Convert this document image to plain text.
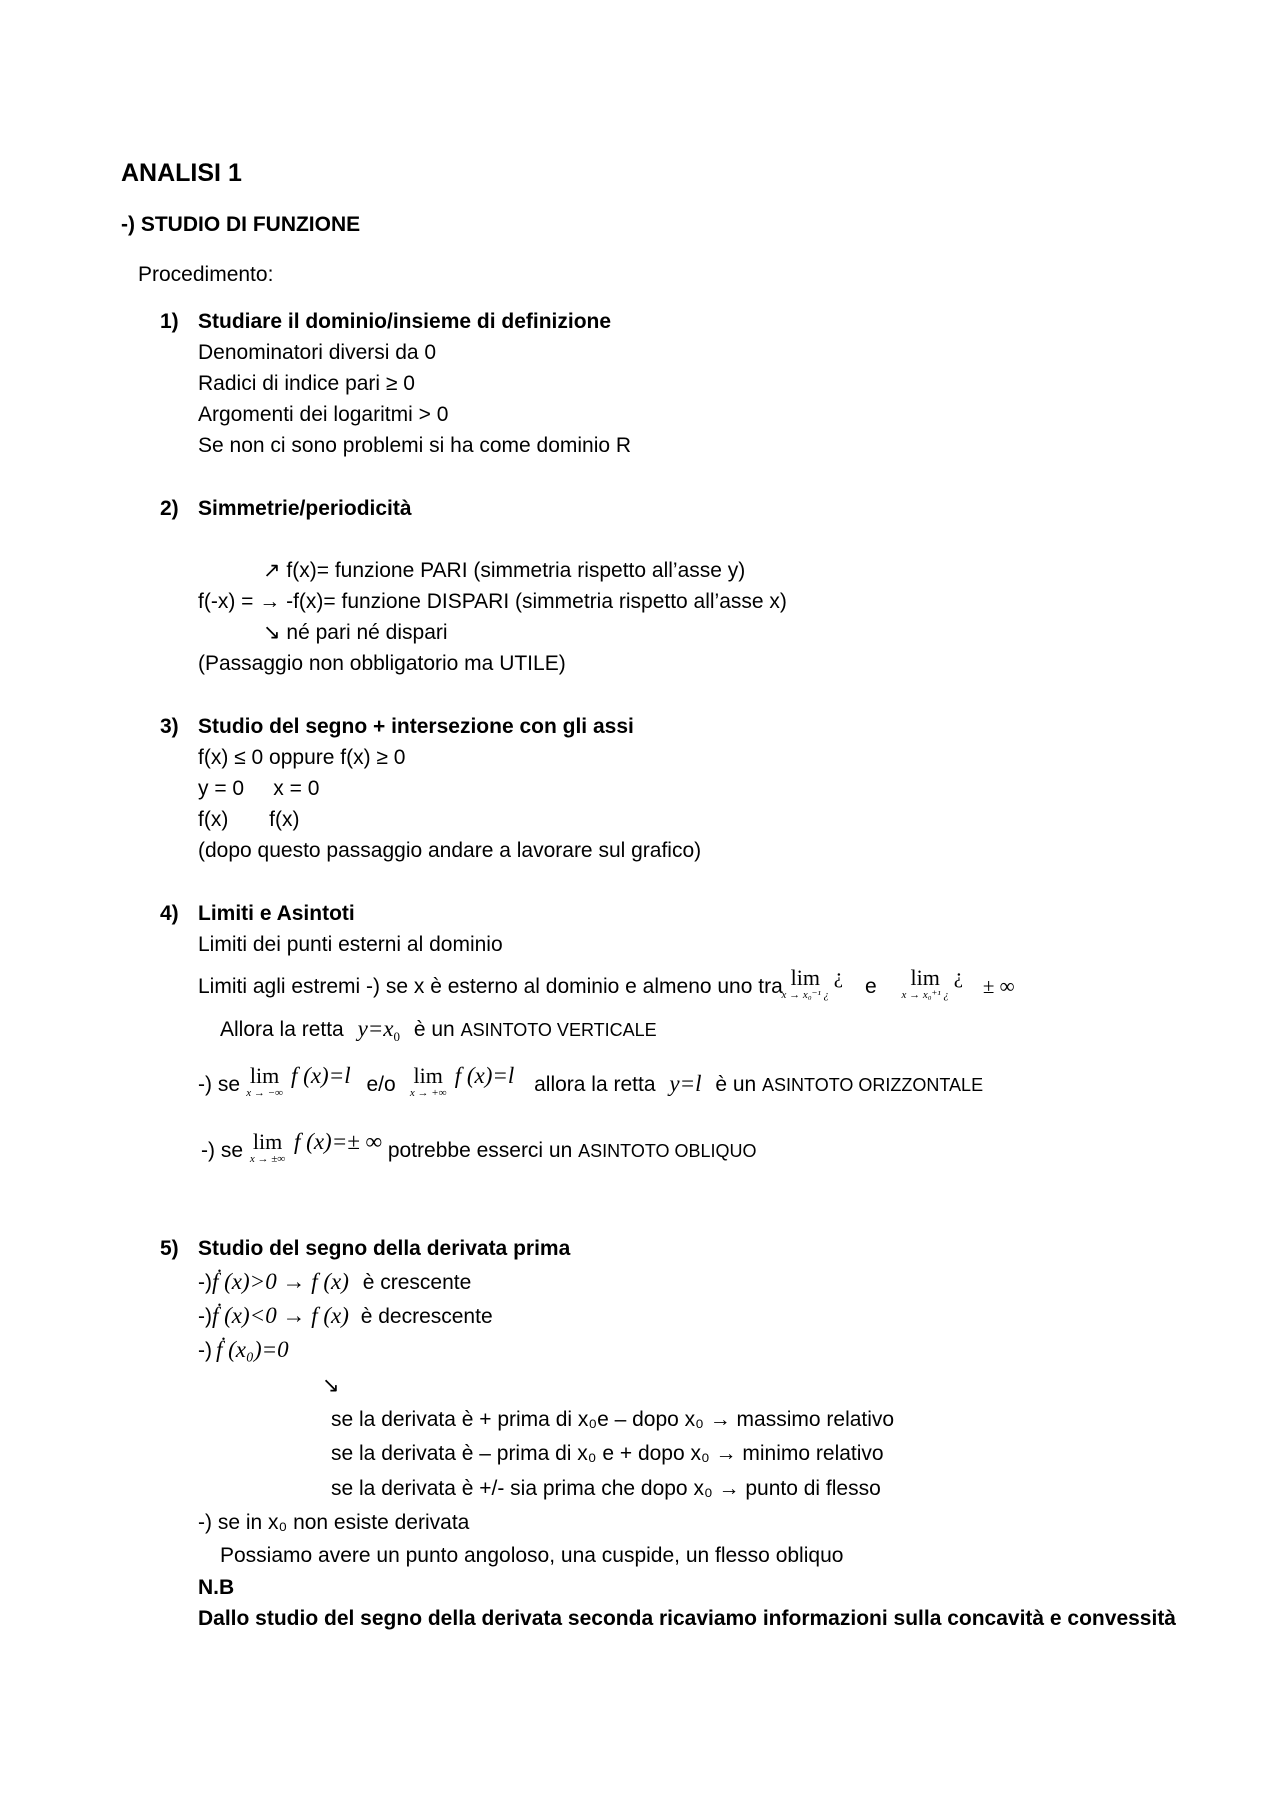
ANALISI 1
-) STUDIO DI FUNZIONE
Procedimento:
1) Studiare il dominio/insieme di definizione
Denominatori diversi da 0
Radici di indice pari ≥ 0
Argomenti dei logaritmi > 0
Se non ci sono problemi si ha come dominio R
2) Simmetrie/periodicità
↗ f(x)= funzione PARI (simmetria rispetto all’asse y)
f(-x) = → -f(x)= funzione DISPARI (simmetria rispetto all’asse x)
↘ né pari né dispari
(Passaggio non obbligatorio ma UTILE)
3) Studio del segno + intersezione con gli assi
f(x) ≤ 0 oppure f(x) ≥ 0
y = 0     x = 0
f(x)       f(x)
(dopo questo passaggio andare a lavorare sul grafico)
4) Limiti e Asintoti
Limiti dei punti esterni al dominio
Limiti agli estremi -) se x è esterno al dominio e almeno uno tra lim
x → x₀⁻¹ ¿
¿ e lim
x → x₀⁺¹ ¿
¿ ± ∞
Allora la retta $y=x_0$ è un ASINTOTO VERTICALE
-) se lim
x → −∞
f (x)=l e/o lim
x → +∞
f (x)=l allora la retta y=l è un ASINTOTO ORIZZONTALE
-) se lim
x → ±∞
f (x)=± ∞ potrebbe esserci un ASINTOTO OBLIQUO
5) Studio del segno della derivata prima
-)ḟ (x)>0 → f (x) è crescente
-)ḟ (x)<0 → f (x) è decrescente
-) ḟ (x₀)=0
↘
se la derivata è + prima di x₀e – dopo x₀ → massimo relativo
se la derivata è – prima di x₀ e + dopo x₀ → minimo relativo
se la derivata è +/- sia prima che dopo x₀ → punto di flesso
-) se in x₀ non esiste derivata
Possiamo avere un punto angoloso, una cuspide, un flesso obliquo
N.B
Dallo studio del segno della derivata seconda ricaviamo informazioni sulla concavità e convessità
